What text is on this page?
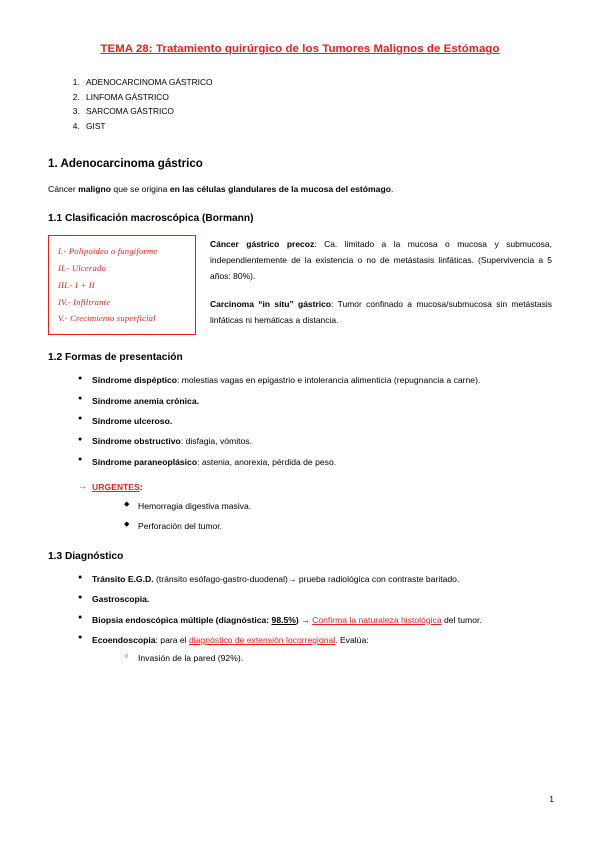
TEMA 28: Tratamiento quirúrgico de los Tumores Malignos de Estómago
1. ADENOCARCINOMA GÁSTRICO
2. LINFOMA GÁSTRICO
3. SARCOMA GÁSTRICO
4. GIST
1. Adenocarcinoma gástrico

Cáncer maligno que se origina en las células glandulares de la mucosa del estómago.

1.1 Clasificación macroscópica (Bormann)
I.- Polipoideo o fungiforme
II.- Ulcerado
III.- I + II
IV.- Infiltrante
V.- Crecimiento superficial

Cáncer gástrico precoz: Ca. limitado a la mucosa o mucosa y submucosa, independientemente de la existencia o no de metástasis linfáticas. (Supervivencia a 5 años: 80%).

Carcinoma “in situ” gástrico: Tumor confinado a mucosa/submucosa sin metástasis linfáticas ni hemáticas a distancia.

1.2 Formas de presentación
● Síndrome dispéptico: molestias vagas en epigastrio e intolerancia alimenticia (repugnancia a carne).
● Síndrome anemia crónica.
● Síndrome ulceroso.
● Síndrome obstructivo: disfagia, vómitos.
● Síndrome paraneoplásico: astenia, anorexia, pérdida de peso.
→ URGENTES:
◆ Hemorragia digestiva masiva.
◆ Perforación del tumor.
1.3 Diagnóstico
● Tránsito E.G.D. (tránsito esófago-gastro-duodenal)→ prueba radiológica con contraste baritado.
● Gastroscopia.
● Biopsia endoscópica múltiple (diagnóstica: 98.5%) → Confirma la naturaleza histológica del tumor.
● Ecoendoscopia: para el diagnóstico de extensión locorregional. Evalúa:
○ Invasión de la pared (92%).
1
